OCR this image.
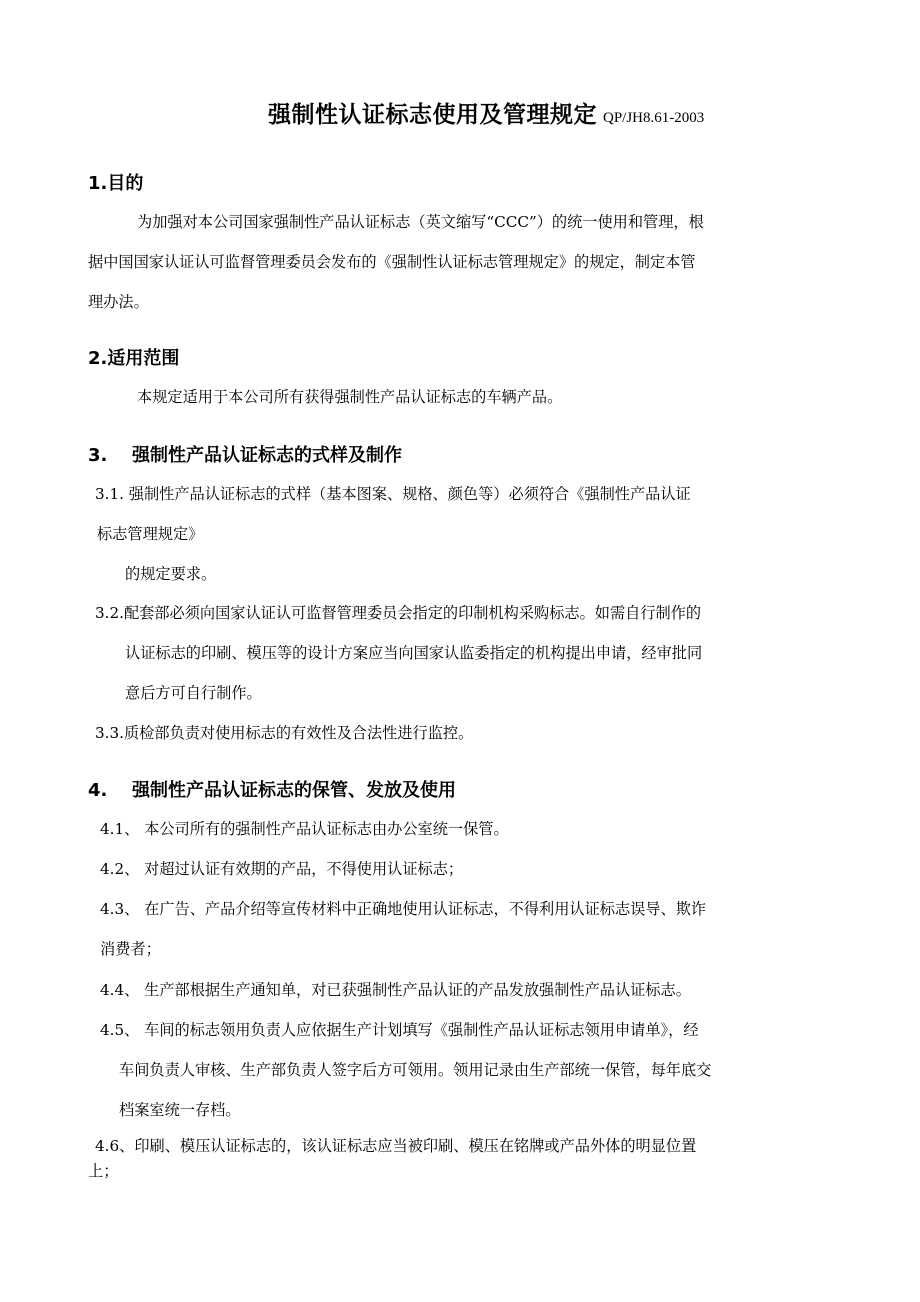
强制性认证标志使用及管理规定 QP/JH8.61-2003
1.目的
为加强对本公司国家强制性产品认证标志（英文缩写“CCC”）的统一使用和管理，根
据中国国家认证认可监督管理委员会发布的《强制性认证标志管理规定》的规定，制定本管
理办法。
2.适用范围
本规定适用于本公司所有获得强制性产品认证标志的车辆产品。
3. 强制性产品认证标志的式样及制作
3.1. 强制性产品认证标志的式样（基本图案、规格、颜色等）必须符合《强制性产品认证
标志管理规定》
的规定要求。
3.2.配套部必须向国家认证认可监督管理委员会指定的印制机构采购标志。如需自行制作的
认证标志的印刷、模压等的设计方案应当向国家认监委指定的机构提出申请，经审批同
意后方可自行制作。
3.3.质检部负责对使用标志的有效性及合法性进行监控。
4. 强制性产品认证标志的保管、发放及使用
4.1、 本公司所有的强制性产品认证标志由办公室统一保管。
4.2、 对超过认证有效期的产品，不得使用认证标志；
4.3、 在广告、产品介绍等宣传材料中正确地使用认证标志，不得利用认证标志误导、欺诈
消费者；
4.4、 生产部根据生产通知单，对已获强制性产品认证的产品发放强制性产品认证标志。
4.5、 车间的标志领用负责人应依据生产计划填写《强制性产品认证标志领用申请单》，经
车间负责人审核、生产部负责人签字后方可领用。领用记录由生产部统一保管，每年底交
档案室统一存档。
4.6、印刷、模压认证标志的，该认证标志应当被印刷、模压在铭牌或产品外体的明显位置
上；
